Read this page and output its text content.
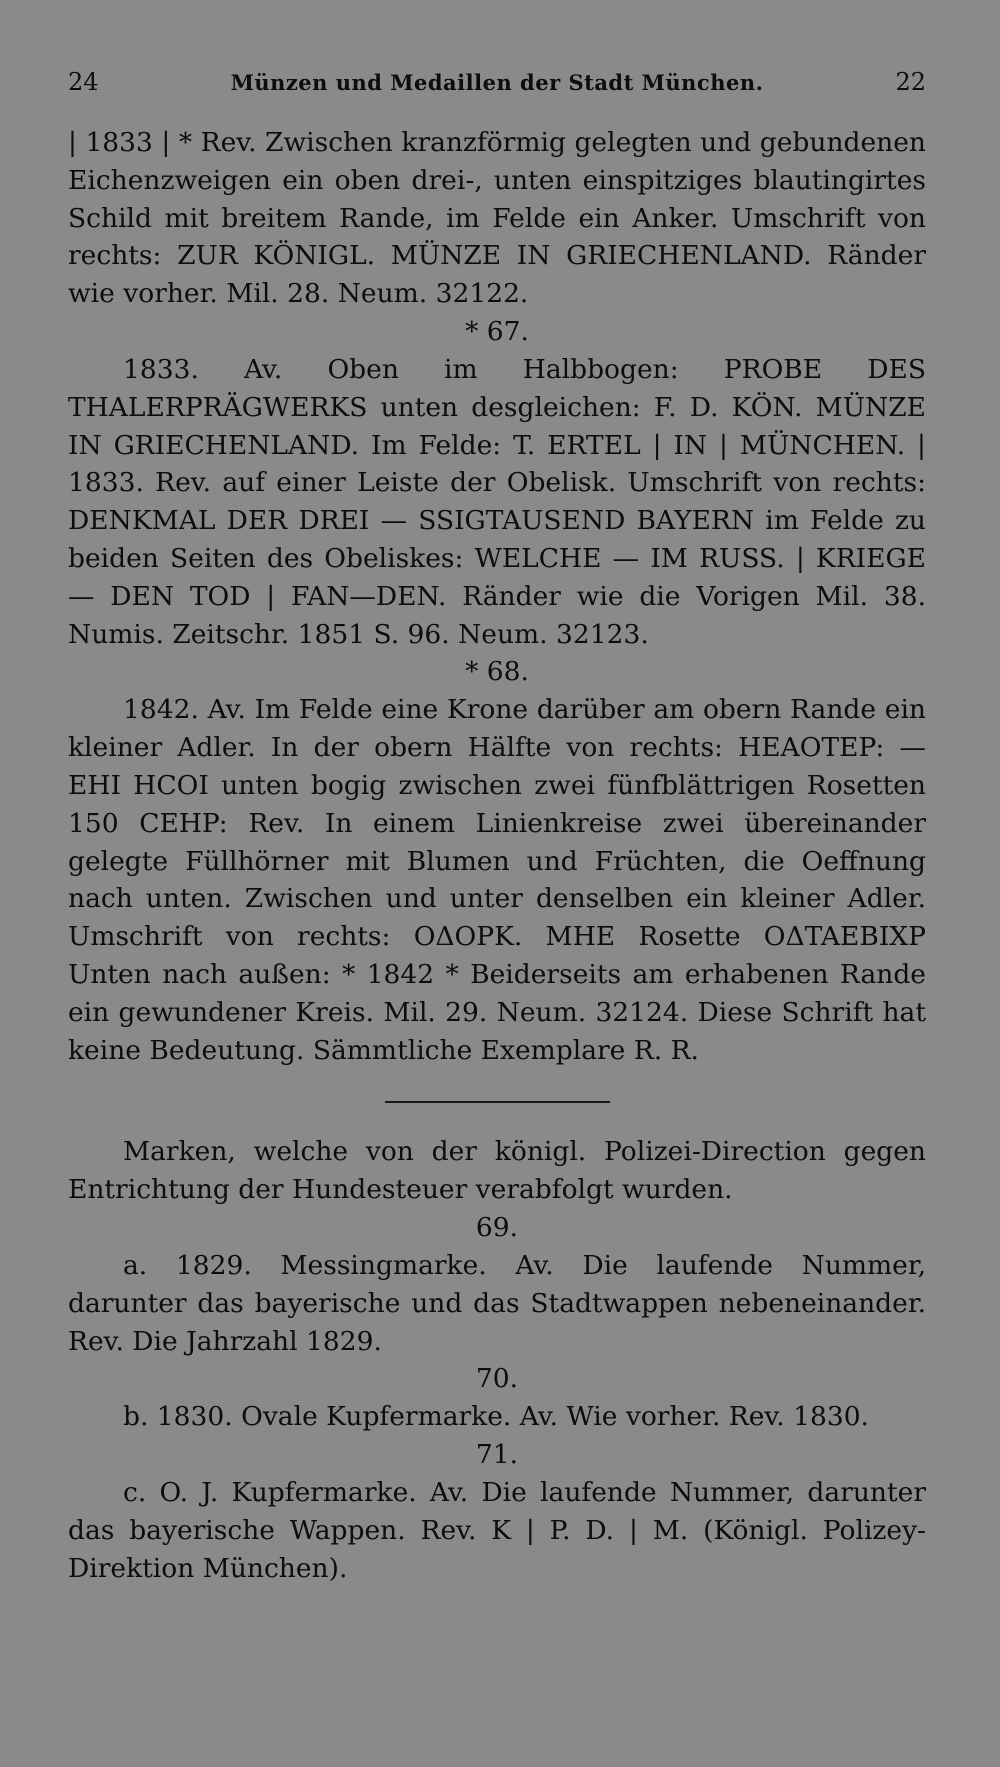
24	Münzen und Medaillen der Stadt München.	22

| 1833 | * Rev. Zwischen kranzförmig gelegten und gebundenen Eichenzweigen ein oben drei-, unten einspitziges blautingirtes Schild mit breitem Rande, im Felde ein Anker. Umschrift von rechts: ZUR KÖNIGL. MÜNZE IN GRIECHENLAND. Ränder wie vorher. Mil. 28. Neum. 32122.

* 67.

1833. Av. Oben im Halbbogen: PROBE DES THALERPRÄGWERKS unten desgleichen: F. D. KÖN. MÜNZE IN GRIECHENLAND. Im Felde: T. ERTEL | IN | MÜNCHEN. | 1833. Rev. auf einer Leiste der Obelisk. Umschrift von rechts: DENKMAL DER DREI — SSIGTAUSEND BAYERN im Felde zu beiden Seiten des Obeliskes: WELCHE — IM RUSS. | KRIEGE — DEN TOD | FAN—DEN. Ränder wie die Vorigen Mil. 38. Numis. Zeitschr. 1851 S. 96. Neum. 32123.

* 68.

1842. Av. Im Felde eine Krone darüber am obern Rande ein kleiner Adler. In der obern Hälfte von rechts: HEAOTEP: — EHI HCOI unten bogig zwischen zwei fünfblättrigen Rosetten 150 CEHP: Rev. In einem Linienkreise zwei übereinander gelegte Füllhörner mit Blumen und Früchten, die Oeffnung nach unten. Zwischen und unter denselben ein kleiner Adler. Umschrift von rechts: OΔOPK. MHE Rosette OΔTAEBIXP Unten nach außen: * 1842 * Beiderseits am erhabenen Rande ein gewundener Kreis. Mil. 29. Neum. 32124. Diese Schrift hat keine Bedeutung. Sämmtliche Exemplare R. R.

Marken, welche von der königl. Polizei-Direction gegen Entrichtung der Hundesteuer verabfolgt wurden.

69.

a. 1829. Messingmarke. Av. Die laufende Nummer, darunter das bayerische und das Stadtwappen nebeneinander. Rev. Die Jahrzahl 1829.

70.

b. 1830. Ovale Kupfermarke. Av. Wie vorher. Rev. 1830.

71.

c. O. J. Kupfermarke. Av. Die laufende Nummer, darunter das bayerische Wappen. Rev. K | P. D. | M. (Königl. Polizey-Direktion München).
